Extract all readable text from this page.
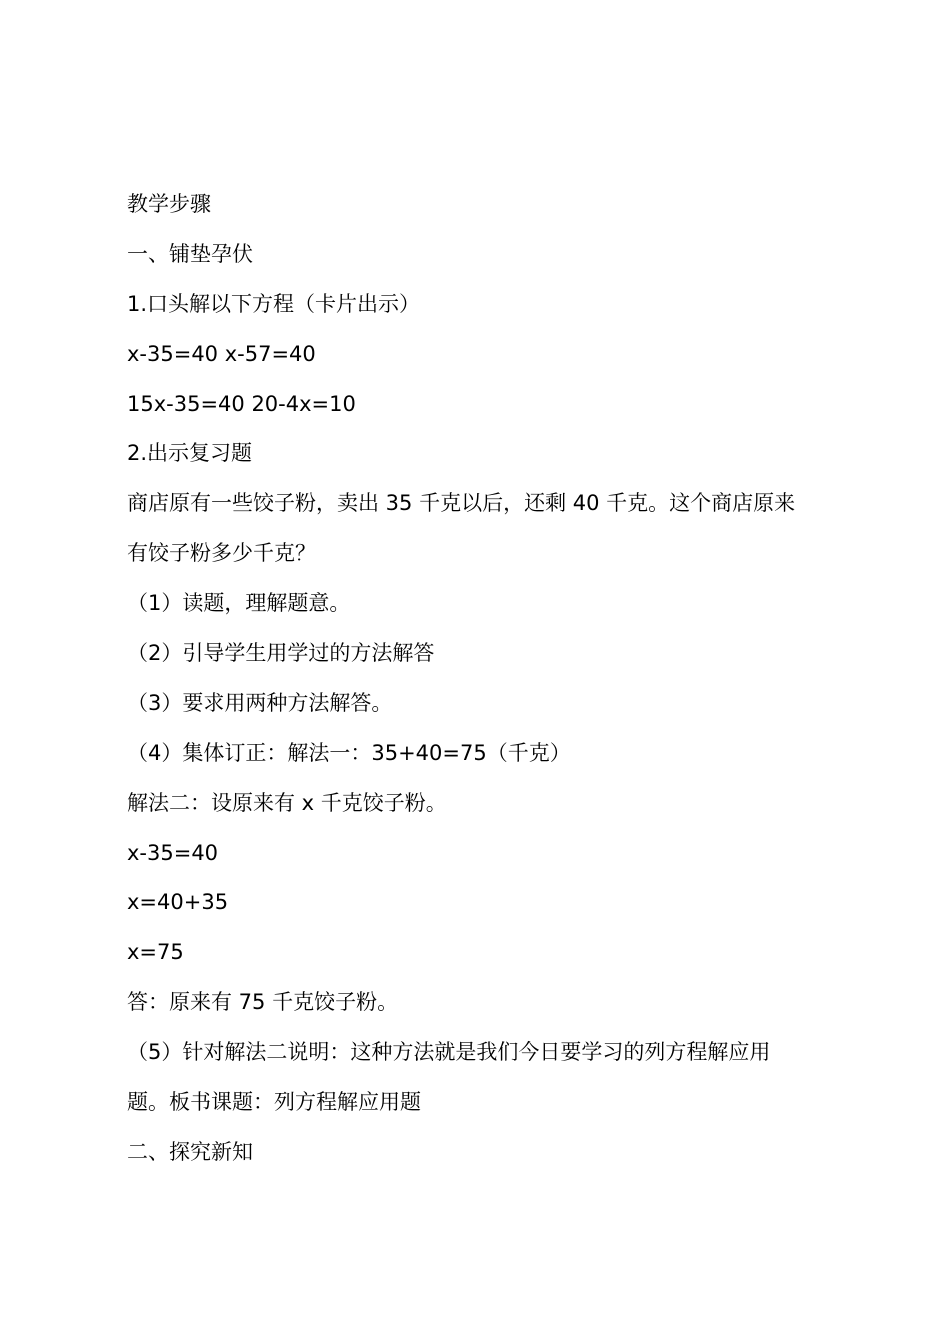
教学步骤

一、铺垫孕伏

1.口头解以下方程（卡片出示）

x-35=40 x-57=40

15x-35=40 20-4x=10

2.出示复习题

商店原有一些饺子粉，卖出 35 千克以后，还剩 40 千克。这个商店原来

有饺子粉多少千克？

（1）读题，理解题意。

（2）引导学生用学过的方法解答

（3）要求用两种方法解答。

（4）集体订正：解法一：35+40=75（千克）

解法二：设原来有 x 千克饺子粉。

x-35=40

x=40+35

x=75

答：原来有 75 千克饺子粉。

（5）针对解法二说明：这种方法就是我们今日要学习的列方程解应用

题。板书课题：列方程解应用题

二、探究新知
